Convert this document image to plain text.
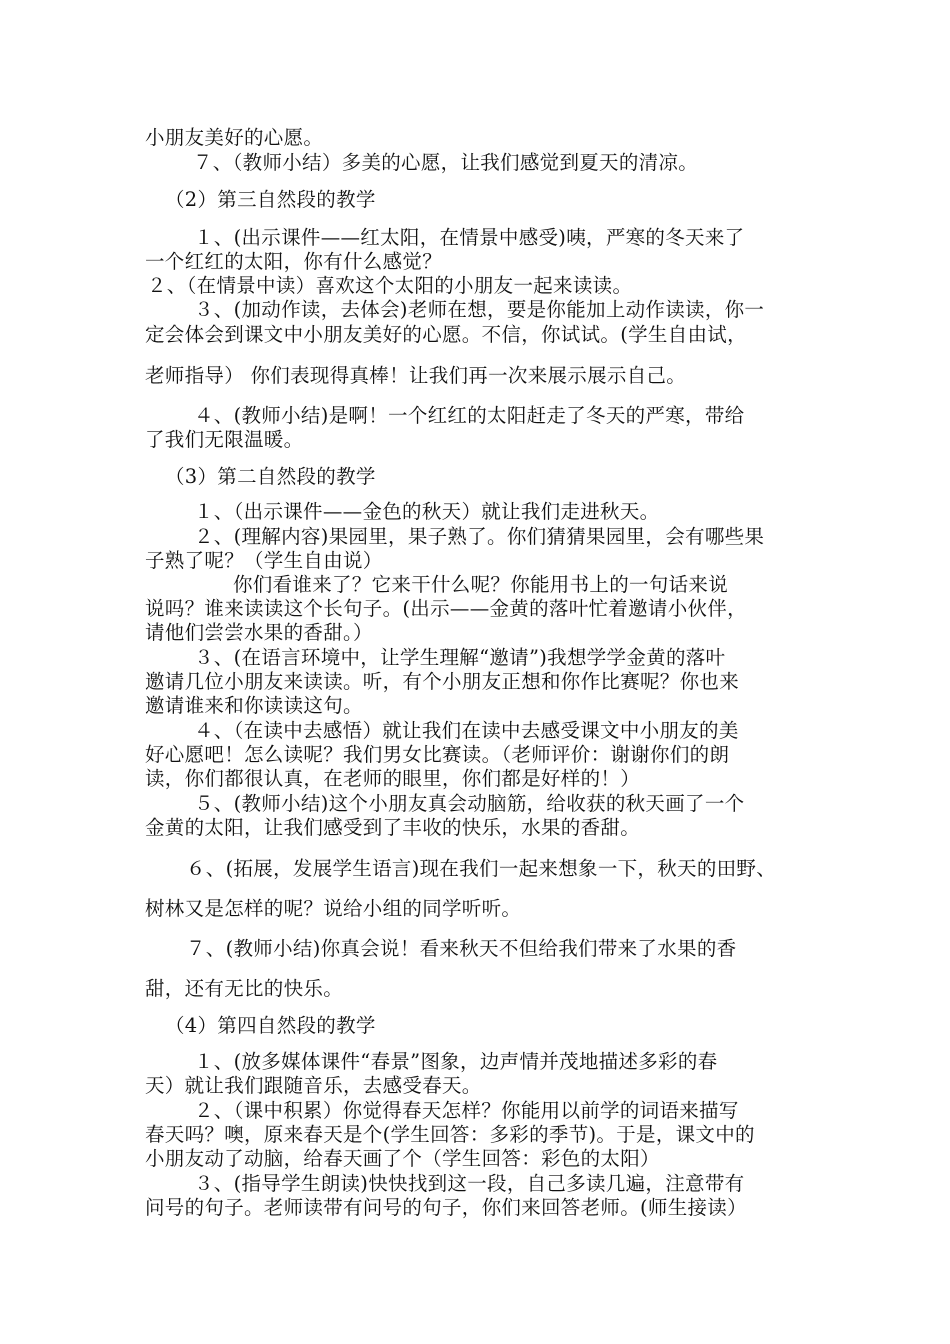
小朋友美好的心愿。
７、（教师小结）多美的心愿，让我们感觉到夏天的清凉。
（2）第三自然段的教学
１、(出示课件——红太阳，在情景中感受)咦，严寒的冬天来了
一个红红的太阳，你有什么感觉？
２、（在情景中读）喜欢这个太阳的小朋友一起来读读。
３、(加动作读，去体会)老师在想，要是你能加上动作读读，你一
定会体会到课文中小朋友美好的心愿。不信，你试试。(学生自由试，
老师指导） 你们表现得真棒！让我们再一次来展示展示自己。
４、(教师小结)是啊！一个红红的太阳赶走了冬天的严寒，带给
了我们无限温暖。
（3）第二自然段的教学
１、（出示课件——金色的秋天）就让我们走进秋天。
２、(理解内容)果园里，果子熟了。你们猜猜果园里，会有哪些果
子熟了呢？（学生自由说）
你们看谁来了？它来干什么呢？你能用书上的一句话来说
说吗？谁来读读这个长句子。(出示——金黄的落叶忙着邀请小伙伴，
请他们尝尝水果的香甜。）
３、(在语言环境中，让学生理解“邀请”)我想学学金黄的落叶
邀请几位小朋友来读读。听，有个小朋友正想和你作比赛呢？你也来
邀请谁来和你读读这句。
４、（在读中去感悟）就让我们在读中去感受课文中小朋友的美
好心愿吧！怎么读呢？我们男女比赛读。（老师评价：谢谢你们的朗
读，你们都很认真，在老师的眼里，你们都是好样的！）
５、(教师小结)这个小朋友真会动脑筋，给收获的秋天画了一个
金黄的太阳，让我们感受到了丰收的快乐，水果的香甜。
６、(拓展，发展学生语言)现在我们一起来想象一下，秋天的田野、
树林又是怎样的呢？说给小组的同学听听。
７、(教师小结)你真会说！看来秋天不但给我们带来了水果的香
甜，还有无比的快乐。
（4）第四自然段的教学
１、(放多媒体课件“春景”图象，边声情并茂地描述多彩的春
天）就让我们跟随音乐，去感受春天。
２、（课中积累）你觉得春天怎样？你能用以前学的词语来描写
春天吗？噢，原来春天是个(学生回答：多彩的季节)。于是，课文中的
小朋友动了动脑，给春天画了个（学生回答：彩色的太阳）
３、(指导学生朗读)快快找到这一段，自己多读几遍，注意带有
问号的句子。老师读带有问号的句子，你们来回答老师。(师生接读）
